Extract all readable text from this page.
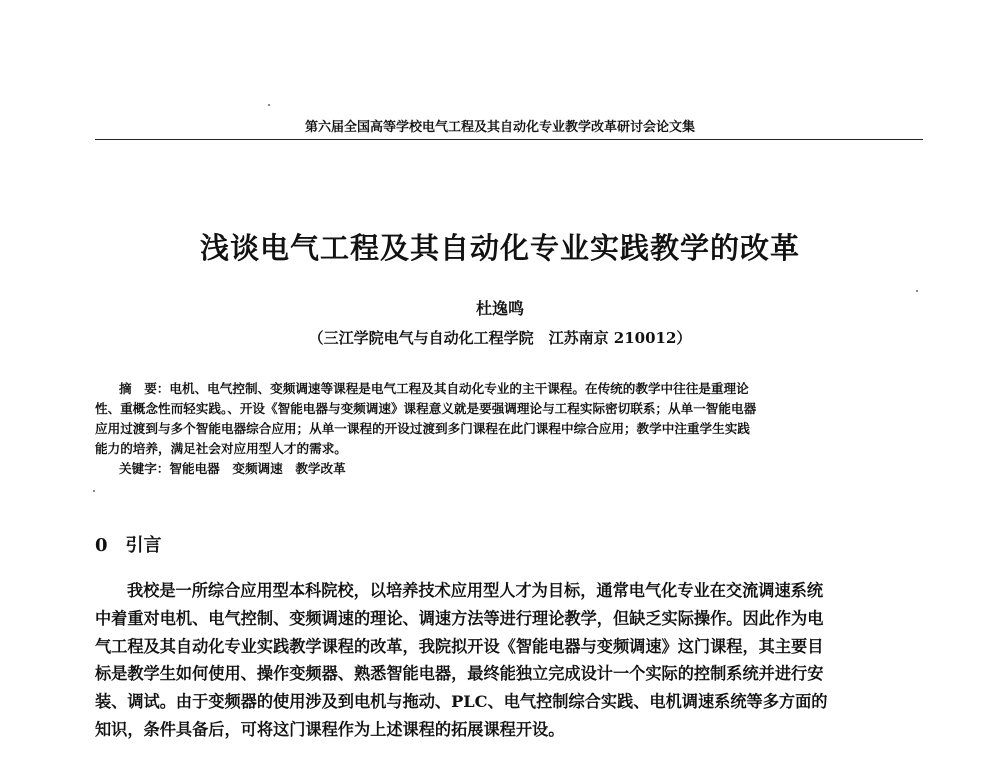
第六届全国高等学校电气工程及其自动化专业教学改革研讨会论文集
浅谈电气工程及其自动化专业实践教学的改革
杜逸鸣
（三江学院电气与自动化工程学院　江苏南京 210012）
摘　要：电机、电气控制、变频调速等课程是电气工程及其自动化专业的主干课程。在传统的教学中往往是重理论
性、重概念性而轻实践。、开设《智能电器与变频调速》课程意义就是要强调理论与工程实际密切联系；从单一智能电器
应用过渡到与多个智能电器综合应用；从单一课程的开设过渡到多门课程在此门课程中综合应用；教学中注重学生实践
能力的培养，满足社会对应用型人才的需求。
关键字：智能电器　变频调速　教学改革
0 引言
我校是一所综合应用型本科院校，以培养技术应用型人才为目标，通常电气化专业在交流调速系统
中着重对电机、电气控制、变频调速的理论、调速方法等进行理论教学，但缺乏实际操作。因此作为电
气工程及其自动化专业实践教学课程的改革，我院拟开设《智能电器与变频调速》这门课程，其主要目
标是教学生如何使用、操作变频器、熟悉智能电器，最终能独立完成设计一个实际的控制系统并进行安
装、调试。由于变频器的使用涉及到电机与拖动、PLC、电气控制综合实践、电机调速系统等多方面的
知识，条件具备后，可将这门课程作为上述课程的拓展课程开设。
